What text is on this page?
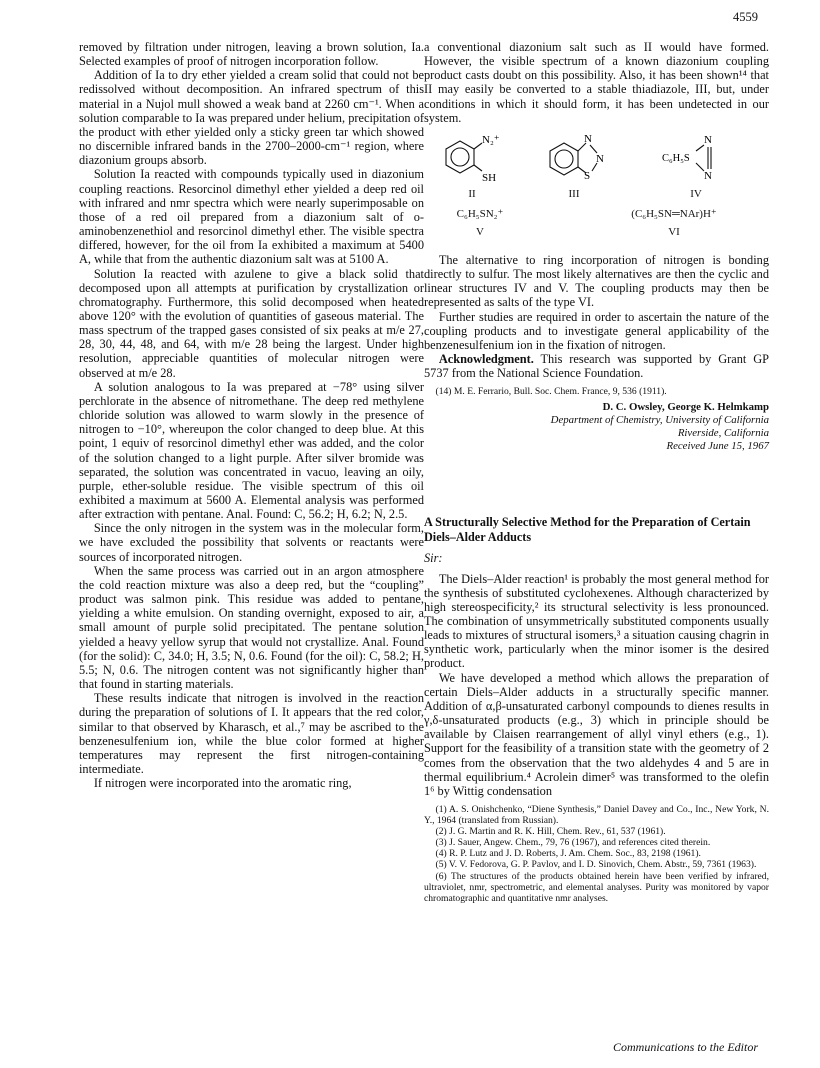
4559

removed by filtration under nitrogen, leaving a brown solution, Ia. Selected examples of proof of nitrogen incorporation follow.

Addition of Ia to dry ether yielded a cream solid that could not be redissolved without decomposition. An infrared spectrum of this material in a Nujol mull showed a weak band at 2260 cm⁻¹. When a solution comparable to Ia was prepared under helium, precipitation of the product with ether yielded only a sticky green tar which showed no discernible infrared bands in the 2700–2000-cm⁻¹ region, where diazonium groups absorb.

Solution Ia reacted with compounds typically used in diazonium coupling reactions. Resorcinol dimethyl ether yielded a deep red oil with infrared and nmr spectra which were nearly superimposable on those of a red oil prepared from a diazonium salt of o-aminobenzenethiol and resorcinol dimethyl ether. The visible spectra differed, however, for the oil from Ia exhibited a maximum at 5400 A, while that from the authentic diazonium salt was at 5100 A.

Solution Ia reacted with azulene to give a black solid that decomposed upon all attempts at purification by crystallization or chromatography. Furthermore, this solid decomposed when heated above 120° with the evolution of quantities of gaseous material. The mass spectrum of the trapped gases consisted of six peaks at m/e 27, 28, 30, 44, 48, and 64, with m/e 28 being the largest. Under high resolution, appreciable quantities of molecular nitrogen were observed at m/e 28.

A solution analogous to Ia was prepared at −78° using silver perchlorate in the absence of nitromethane. The deep red methylene chloride solution was allowed to warm slowly in the presence of nitrogen to −10°, whereupon the color changed to deep blue. At this point, 1 equiv of resorcinol dimethyl ether was added, and the color of the solution changed to a light purple. After silver bromide was separated, the solution was concentrated in vacuo, leaving an oily, purple, ether-soluble residue. The visible spectrum of this oil exhibited a maximum at 5600 A. Elemental analysis was performed after extraction with pentane. Anal. Found: C, 56.2; H, 6.2; N, 2.5.

Since the only nitrogen in the system was in the molecular form, we have excluded the possibility that solvents or reactants were sources of incorporated nitrogen.

When the same process was carried out in an argon atmosphere the cold reaction mixture was also a deep red, but the “coupling” product was salmon pink. This residue was added to pentane, yielding a white emulsion. On standing overnight, exposed to air, a small amount of purple solid precipitated. The pentane solution yielded a heavy yellow syrup that would not crystallize. Anal. Found (for the solid): C, 34.0; H, 3.5; N, 0.6. Found (for the oil): C, 58.2; H, 5.5; N, 0.6. The nitrogen content was not significantly higher than that found in starting materials.

These results indicate that nitrogen is involved in the reaction during the preparation of solutions of I. It appears that the red color, similar to that observed by Kharasch, et al.,⁷ may be ascribed to the benzenesulfenium ion, while the blue color formed at higher temperatures may represent the first nitrogen-containing intermediate.

If nitrogen were incorporated into the aromatic ring,

a conventional diazonium salt such as II would have formed. However, the visible spectrum of a known diazonium coupling product casts doubt on this possibility. Also, it has been shown¹⁴ that II may easily be converted to a stable thiadiazole, III, but, under conditions in which it should form, it has been undetected in our system.

N₂⁺
SH
N
N
S
C₆H₅S
N
N
II	III	IV
C₆H₅SN₂⁺	(C₆H₅SN═NAr)H⁺
V	VI

The alternative to ring incorporation of nitrogen is bonding directly to sulfur. The most likely alternatives are then the cyclic and linear structures IV and V. The coupling products may then be represented as salts of the type VI.

Further studies are required in order to ascertain the nature of the coupling products and to investigate general applicability of the benzenesulfenium ion in the fixation of nitrogen.

Acknowledgment. This research was supported by Grant GP 5737 from the National Science Foundation.

(14) M. E. Ferrario, Bull. Soc. Chem. France, 9, 536 (1911).

D. C. Owsley, George K. Helmkamp
Department of Chemistry, University of California
Riverside, California
Received June 15, 1967
A Structurally Selective Method for the Preparation of Certain Diels–Alder Adducts
Sir:

The Diels–Alder reaction¹ is probably the most general method for the synthesis of substituted cyclohexenes. Although characterized by high stereospecificity,² its structural selectivity is less pronounced. The combination of unsymmetrically substituted components usually leads to mixtures of structural isomers,³ a situation causing chagrin in synthetic work, particularly when the minor isomer is the desired product.

We have developed a method which allows the preparation of certain Diels–Alder adducts in a structurally specific manner. Addition of α,β-unsaturated carbonyl compounds to dienes results in γ,δ-unsaturated products (e.g., 3) which in principle should be available by Claisen rearrangement of allyl vinyl ethers (e.g., 1). Support for the feasibility of a transition state with the geometry of 2 comes from the observation that the two aldehydes 4 and 5 are in thermal equilibrium.⁴ Acrolein dimer⁵ was transformed to the olefin 1⁶ by Wittig condensation

(1) A. S. Onishchenko, “Diene Synthesis,” Daniel Davey and Co., Inc., New York, N. Y., 1964 (translated from Russian).

(2) J. G. Martin and R. K. Hill, Chem. Rev., 61, 537 (1961).

(3) J. Sauer, Angew. Chem., 79, 76 (1967), and references cited therein.

(4) R. P. Lutz and J. D. Roberts, J. Am. Chem. Soc., 83, 2198 (1961).

(5) V. V. Fedorova, G. P. Pavlov, and I. D. Sinovich, Chem. Abstr., 59, 7361 (1963).

(6) The structures of the products obtained herein have been verified by infrared, ultraviolet, nmr, spectrometric, and elemental analyses. Purity was monitored by vapor chromatographic and quantitative nmr analyses.

Communications to the Editor
